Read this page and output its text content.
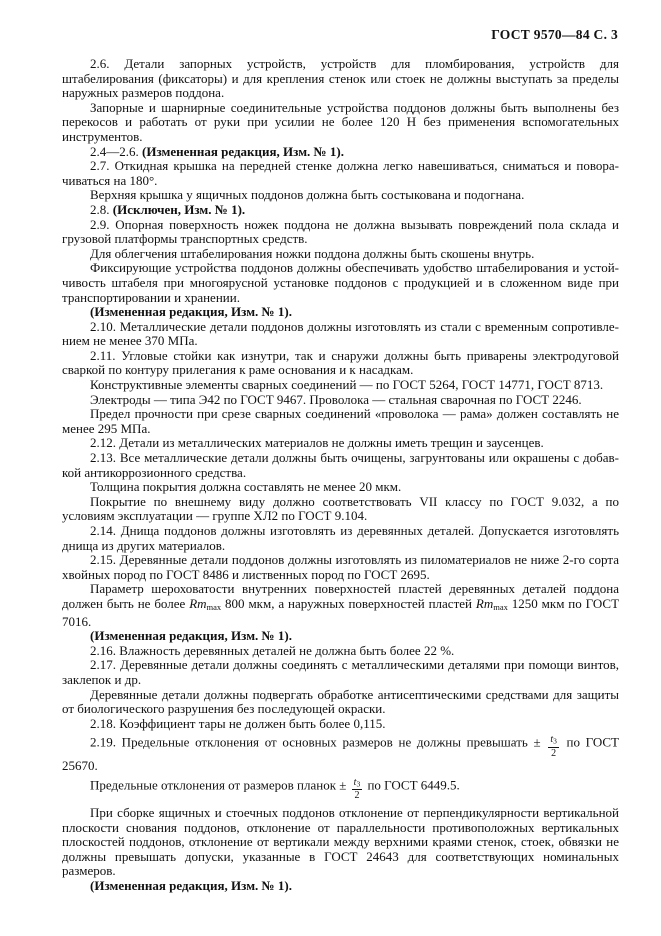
ГОСТ 9570—84 С. 3

2.6. Детали запорных устройств, устройств для пломбирования, устройств для штабелирования (фиксаторы) и для крепления стенок или стоек не должны выступать за пределы наружных размеров поддона.

Запорные и шарнирные соединительные устройства поддонов должны быть выполнены без перекосов и работать от руки при усилии не более 120 Н без применения вспомогательных инструментов.

2.4—2.6. (Измененная редакция, Изм. № 1).

2.7. Откидная крышка на передней стенке должна легко навешиваться, сниматься и поворачиваться на 180°.

Верхняя крышка у ящичных поддонов должна быть состыкована и подогнана.

2.8. (Исключен, Изм. № 1).

2.9. Опорная поверхность ножек поддона не должна вызывать повреждений пола склада и грузовой платформы транспортных средств.

Для облегчения штабелирования ножки поддона должны быть скошены внутрь.

Фиксирующие устройства поддонов должны обеспечивать удобство штабелирования и устойчивость штабеля при многоярусной установке поддонов с продукцией и в сложенном виде при транспортировании и хранении.

(Измененная редакция, Изм. № 1).

2.10. Металлические детали поддонов должны изготовлять из стали с временным сопротивлением не менее 370 МПа.

2.11. Угловые стойки как изнутри, так и снаружи должны быть приварены электродуговой сваркой по контуру прилегания к раме основания и к насадкам.

Конструктивные элементы сварных соединений — по ГОСТ 5264, ГОСТ 14771, ГОСТ 8713.

Электроды — типа Э42 по ГОСТ 9467. Проволока — стальная сварочная по ГОСТ 2246.

Предел прочности при срезе сварных соединений «проволока — рама» должен составлять не менее 295 МПа.

2.12. Детали из металлических материалов не должны иметь трещин и заусенцев.

2.13. Все металлические детали должны быть очищены, загрунтованы или окрашены с добавкой антикоррозионного средства.

Толщина покрытия должна составлять не менее 20 мкм.

Покрытие по внешнему виду должно соответствовать VII классу по ГОСТ 9.032, а по условиям эксплуатации — группе ХЛ2 по ГОСТ 9.104.

2.14. Днища поддонов должны изготовлять из деревянных деталей. Допускается изготовлять днища из других материалов.

2.15. Деревянные детали поддонов должны изготовлять из пиломатериалов не ниже 2-го сорта хвойных пород по ГОСТ 8486 и лиственных пород по ГОСТ 2695.

Параметр шероховатости внутренних поверхностей пластей деревянных деталей поддона должен быть не более $Rm_{max}$ 800 мкм, а наружных поверхностей пластей $Rm_{max}$ 1250 мкм по ГОСТ 7016.

(Измененная редакция, Изм. № 1).

2.16. Влажность деревянных деталей не должна быть более 22 %.

2.17. Деревянные детали должны соединять с металлическими деталями при помощи винтов, заклепок и др.

Деревянные детали должны подвергать обработке антисептическими средствами для защиты от биологического разрушения без последующей окраски.

2.18. Коэффициент тары не должен быть более 0,115.

2.19. Предельные отклонения от основных размеров не должны превышать ± $\frac{t3}{2}$ по ГОСТ 25670.

Предельные отклонения от размеров планок ± $\frac{t3}{2}$ по ГОСТ 6449.5.

При сборке ящичных и стоечных поддонов отклонение от перпендикулярности вертикальной плоскости снования поддонов, отклонение от параллельности противоположных вертикальных плоскостей поддонов, отклонение от вертикали между верхними краями стенок, стоек, обвязки не должны превышать допуски, указанные в ГОСТ 24643 для соответствующих номинальных размеров.

(Измененная редакция, Изм. № 1).
